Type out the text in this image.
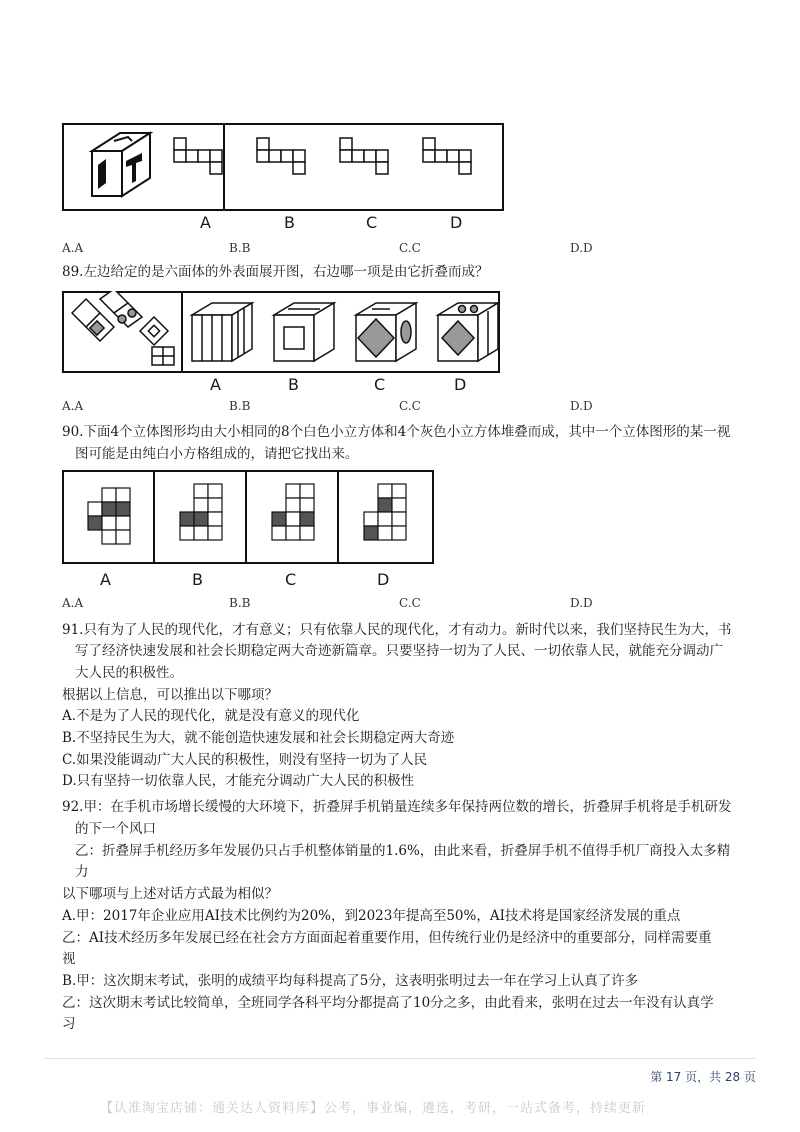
A	B	C	D
A.A	B.B	C.C	D.D
89.左边给定的是六面体的外表面展开图，右边哪一项是由它折叠而成？
A	B	C	D
A.A	B.B	C.C	D.D
90.下面4个立体图形均由大小相同的8个白色小立方体和4个灰色小立方体堆叠而成，其中一个立体图形的某一视
图可能是由纯白小方格组成的，请把它找出来。
A	B	C	D
A.A	B.B	C.C	D.D
91.只有为了人民的现代化，才有意义；只有依靠人民的现代化，才有动力。新时代以来，我们坚持民生为大，书
写了经济快速发展和社会长期稳定两大奇迹新篇章。只要坚持一切为了人民、一切依靠人民，就能充分调动广
大人民的积极性。
根据以上信息，可以推出以下哪项？
A.不是为了人民的现代化，就是没有意义的现代化
B.不坚持民生为大，就不能创造快速发展和社会长期稳定两大奇迹
C.如果没能调动广大人民的积极性，则没有坚持一切为了人民
D.只有坚持一切依靠人民，才能充分调动广大人民的积极性
92.甲：在手机市场增长缓慢的大环境下，折叠屏手机销量连续多年保持两位数的增长，折叠屏手机将是手机研发
的下一个风口
乙：折叠屏手机经历多年发展仍只占手机整体销量的1.6%，由此来看，折叠屏手机不值得手机厂商投入太多精
力
以下哪项与上述对话方式最为相似？
A.甲：2017年企业应用AI技术比例约为20%，到2023年提高至50%，AI技术将是国家经济发展的重点
乙：AI技术经历多年发展已经在社会方方面面起着重要作用，但传统行业仍是经济中的重要部分，同样需要重
视
B.甲：这次期末考试，张明的成绩平均每科提高了5分，这表明张明过去一年在学习上认真了许多
乙：这次期末考试比较简单，全班同学各科平均分都提高了10分之多，由此看来，张明在过去一年没有认真学
习
第 17 页，共 28 页
【认准淘宝店铺：通关达人资料库】公考，事业编，遴选，考研，一站式备考，持续更新
